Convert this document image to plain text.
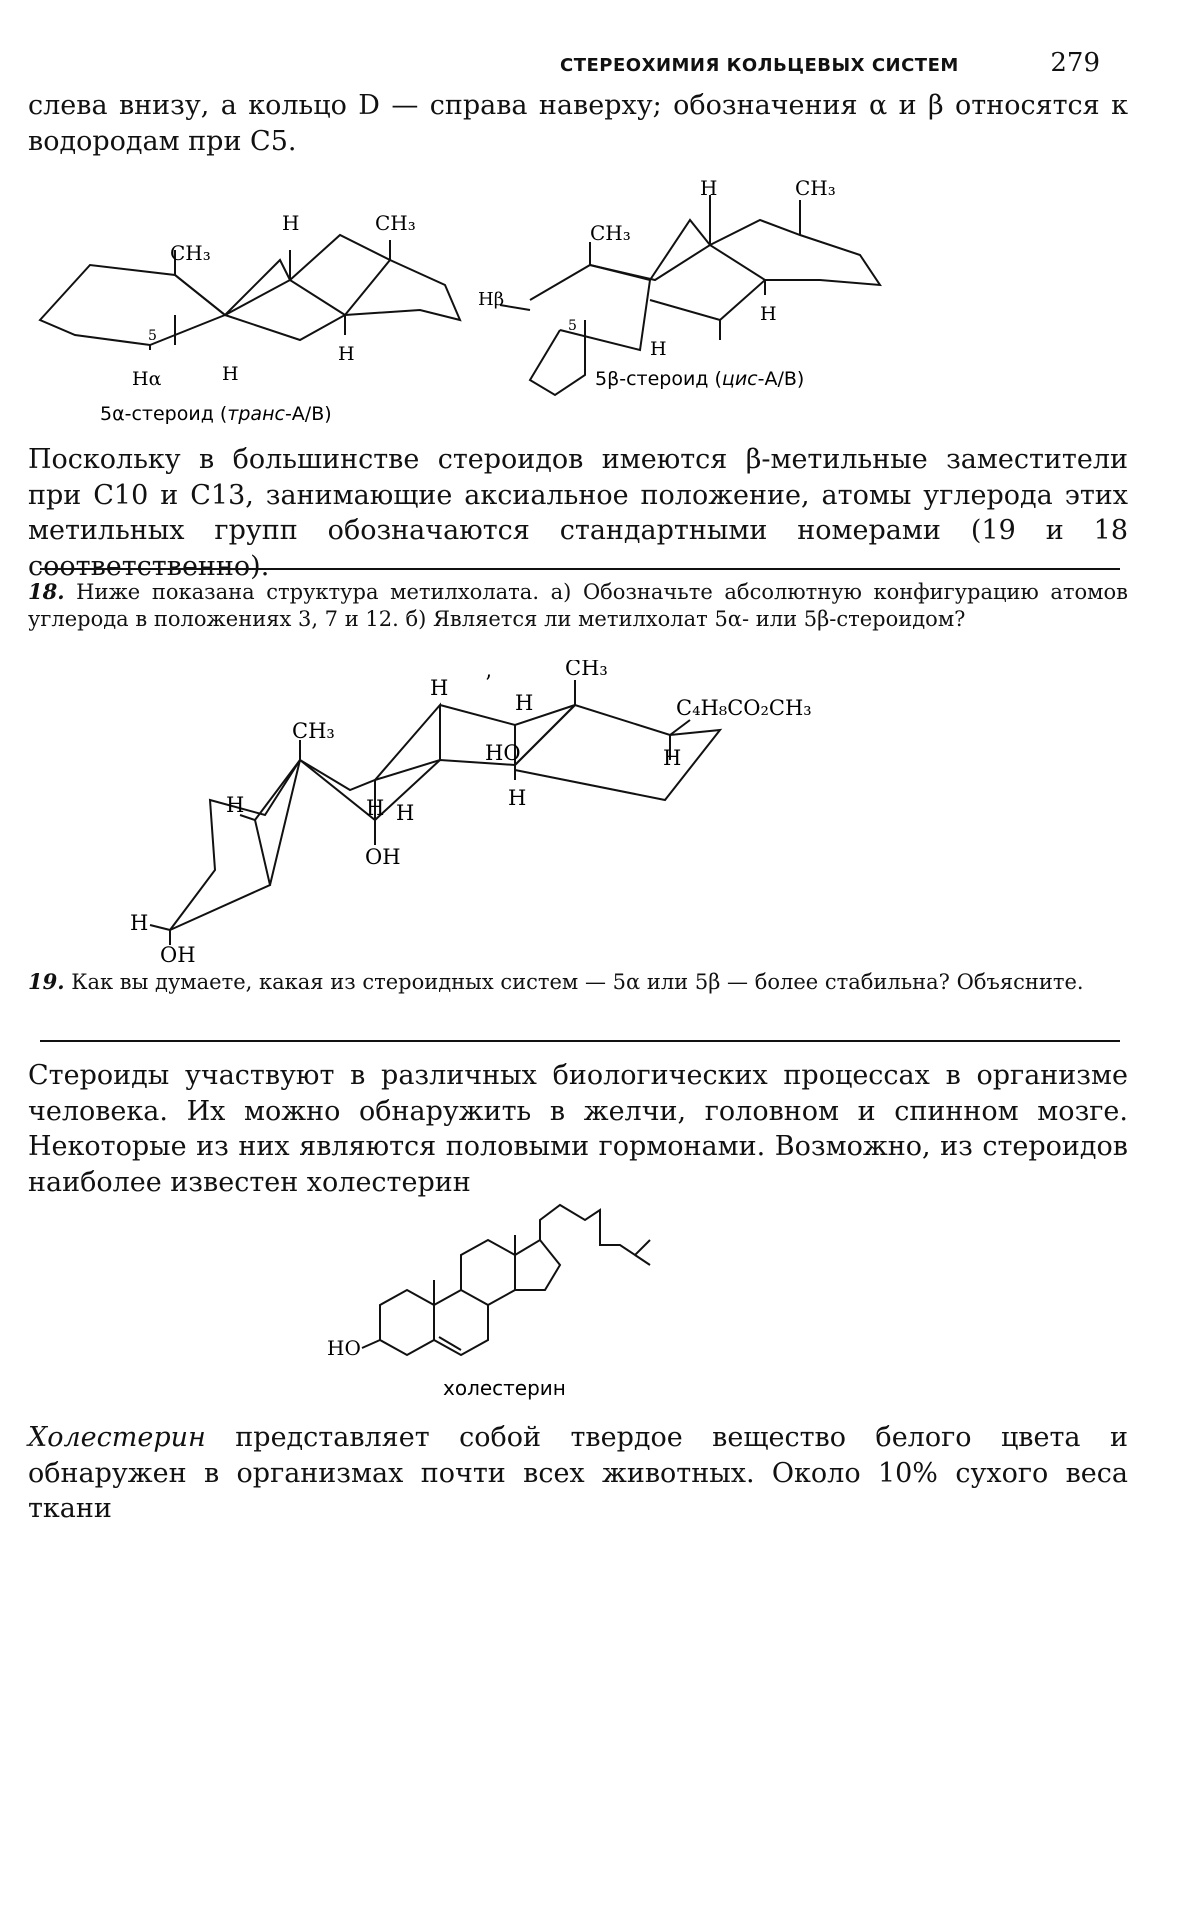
СТЕРЕОХИМИЯ КОЛЬЦЕВЫХ СИСТЕМ	279
слева внизу, а кольцо D — справа наверху; обозначения α и β относятся к водородам при C5.
H	CH₃
CH₃
5
Hα	H
H
5α-стероид (транс-A/B)
H	CH₃
CH₃
Hβ
5
H
H
5β-стероид (цис-A/B)
Поскольку в большинстве стероидов имеются β-метильные заместители при C10 и C13, занимающие аксиальное положение, атомы углерода этих метильных групп обозначаются стандартными номерами (19 и 18 соответственно).
18. Ниже показана структура метилхолата. а) Обозначьте абсолютную конфигурацию атомов углерода в положениях 3, 7 и 12. б) Является ли метилхолат 5α- или 5β-стероидом?
CH₃
C₄H₈CO₂CH₃
H ’
H
HO	H
H
CH₃
H	H H
OH
H
OH
19. Как вы думаете, какая из стероидных систем — 5α или 5β — более стабильна? Объясните.
Стероиды участвуют в различных биологических процессах в организме человека. Их можно обнаружить в желчи, головном и спинном мозге. Некоторые из них являются половыми гормонами. Возможно, из стероидов наиболее известен холестерин
HO
холестерин
Холестерин представляет собой твердое вещество белого цвета и обнаружен в организмах почти всех животных. Около 10% сухого веса ткани
